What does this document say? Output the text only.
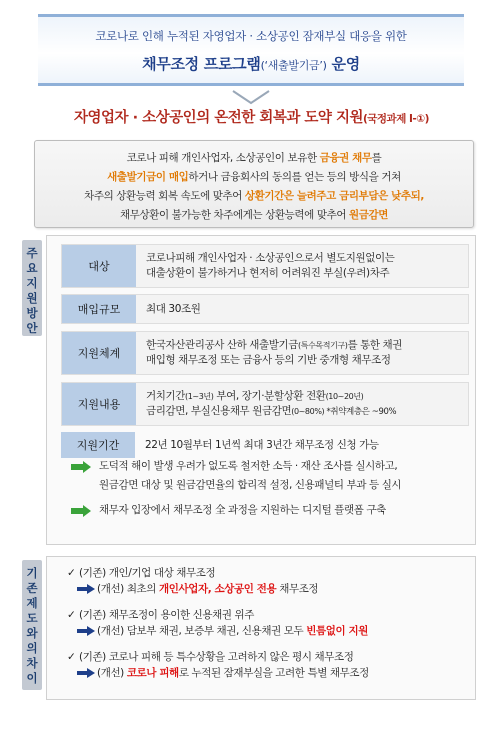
코로나로 인해 누적된 자영업자 · 소상공인 잠재부실 대응을 위한
채무조정 프로그램(‘새출발기금’) 운영
자영업자 · 소상공인의 온전한 회복과 도약 지원(국정과제 Ⅰ-①)
코로나 피해 개인사업자, 소상공인이 보유한 금융권 채무를
새출발기금이 매입하거나 금융회사의 동의를 얻는 등의 방식을 거쳐
차주의 상환능력 회복 속도에 맞추어 상환기간은 늘려주고 금리부담은 낮추되,
채무상환이 불가능한 차주에게는 상환능력에 맞추어 원금감면
주
요
지
원
방
안
대상
코로나피해 개인사업자 · 소상공인으로서 별도지원없이는
대출상환이 불가하거나 현저히 어려워진 부실(우려)차주
매입규모	최대 30조원
지원체계
한국자산관리공사 산하 새출발기금(특수목적기구)를 통한 채권
매입형 채무조정 또는 금융사 등의 기반 중개형 채무조정
지원내용
거치기간(1~3년) 부여, 장기·분할상환 전환(10~20년)
금리감면, 부실신용채무 원금감면(0~80%) *취약계층은 ~90%
지원기간	22년 10월부터 1년씩 최대 3년간 채무조정 신청 가능
도덕적 해이 발생 우려가 없도록 철저한 소득 · 재산 조사를 실시하고,
원금감면 대상 및 원금감면율의 합리적 설정, 신용패널티 부과 등 실시
채무자 입장에서 채무조정 全 과정을 지원하는 디지털 플랫폼 구축
기
존
제
도
와
의
차
이
✓ (기존) 개인/기업 대상 채무조정
(개선) 최초의 개인사업자, 소상공인 전용 채무조정
✓ (기존) 채무조정이 용이한 신용채권 위주
(개선) 담보부 채권, 보증부 채권, 신용채권 모두 빈틈없이 지원
✓ (기존) 코로나 피해 등 특수상황을 고려하지 않은 평시 채무조정
(개선) 코로나 피해로 누적된 잠재부실을 고려한 특별 채무조정
